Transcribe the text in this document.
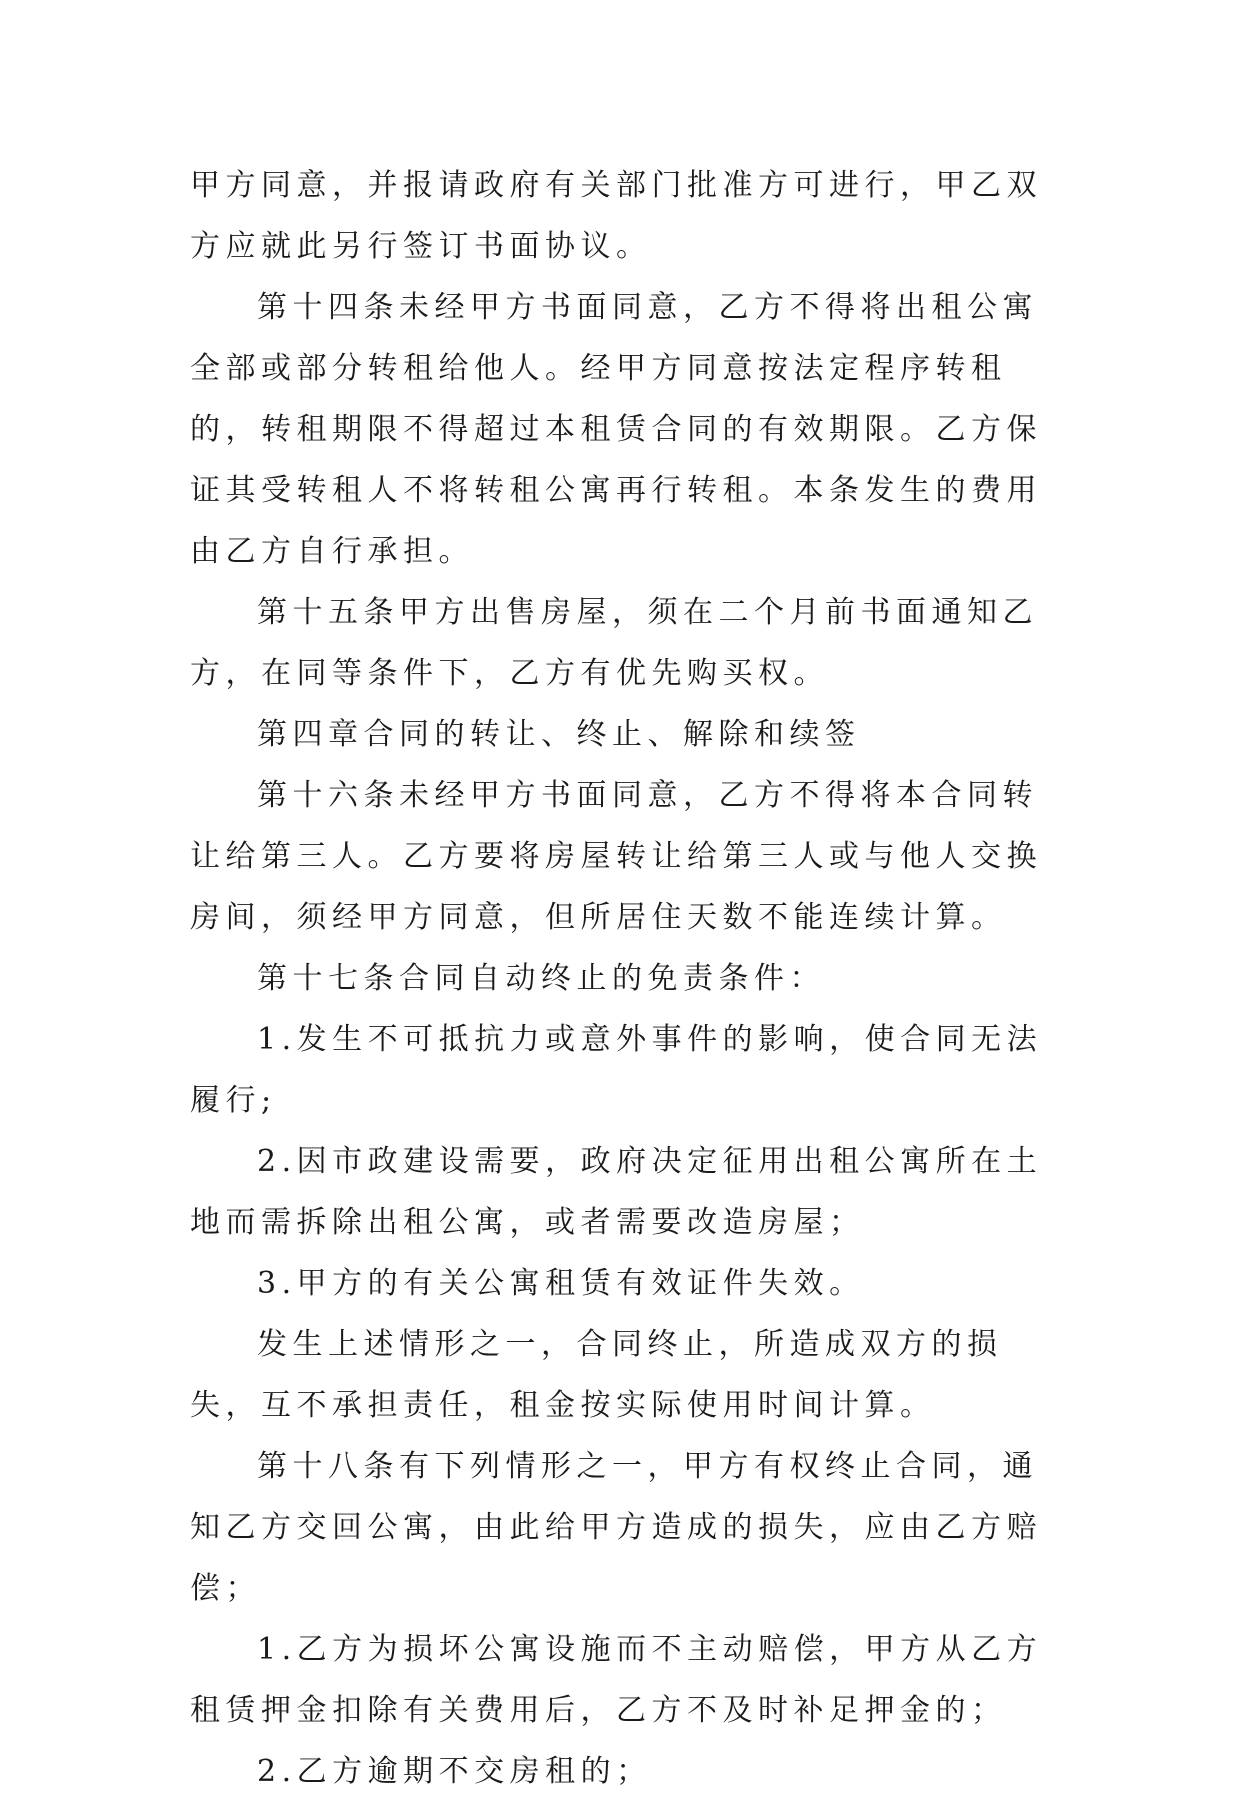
甲方同意，并报请政府有关部门批准方可进行，甲乙双方应就此另行签订书面协议。

第十四条未经甲方书面同意，乙方不得将出租公寓全部或部分转租给他人。经甲方同意按法定程序转租的，转租期限不得超过本租赁合同的有效期限。乙方保证其受转租人不将转租公寓再行转租。本条发生的费用由乙方自行承担。

第十五条甲方出售房屋，须在二个月前书面通知乙方，在同等条件下，乙方有优先购买权。

第四章合同的转让、终止、解除和续签

第十六条未经甲方书面同意，乙方不得将本合同转让给第三人。乙方要将房屋转让给第三人或与他人交换房间，须经甲方同意，但所居住天数不能连续计算。

第十七条合同自动终止的免责条件：

1.发生不可抵抗力或意外事件的影响，使合同无法履行;

2.因市政建设需要，政府决定征用出租公寓所在土地而需拆除出租公寓，或者需要改造房屋；

3.甲方的有关公寓租赁有效证件失效。

发生上述情形之一，合同终止，所造成双方的损失，互不承担责任，租金按实际使用时间计算。

第十八条有下列情形之一，甲方有权终止合同，通知乙方交回公寓，由此给甲方造成的损失，应由乙方赔偿；

1.乙方为损坏公寓设施而不主动赔偿，甲方从乙方租赁押金扣除有关费用后，乙方不及时补足押金的；

2.乙方逾期不交房租的；
